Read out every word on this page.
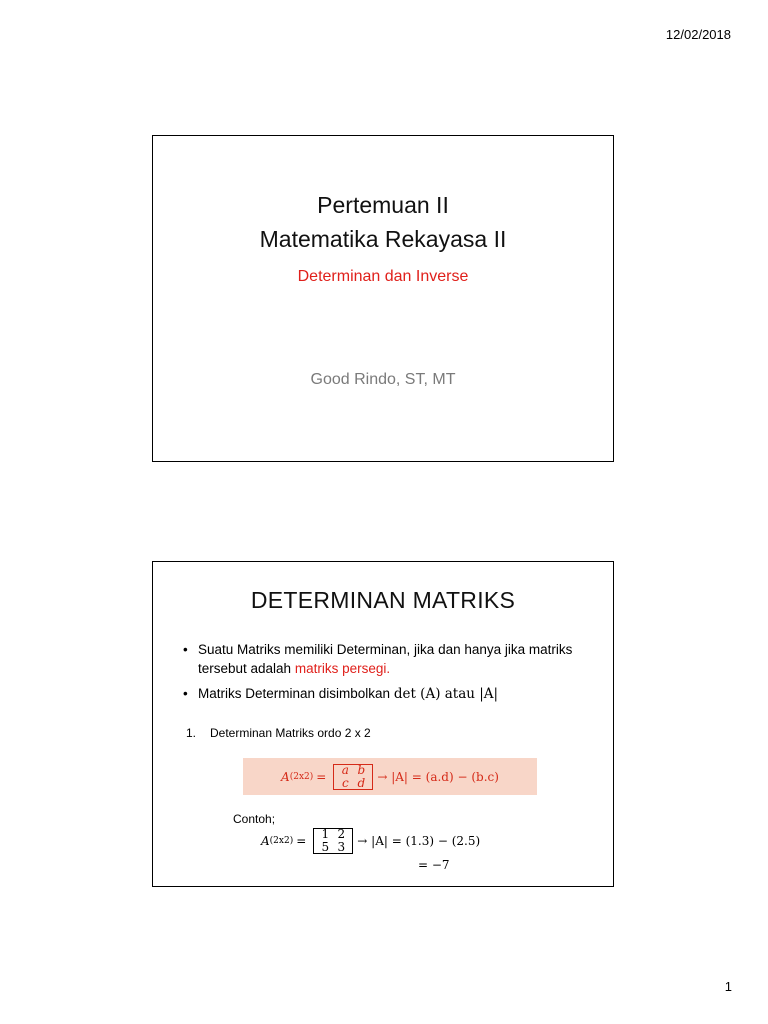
12/02/2018
Pertemuan II
Matematika Rekayasa II
Determinan dan Inverse
Good Rindo, ST, MT
DETERMINAN MATRIKS
• Suatu Matriks memiliki Determinan, jika dan hanya jika matriks tersebut adalah matriks persegi.
• Matriks Determinan disimbolkan det (A) atau |A|
1. Determinan Matriks ordo 2 x 2
A (2x2) =	a b
c d	→ |A| = (a.d) − (b.c)
Contoh;
A (2x2) =	1 2
5 3	→ |A| = (1.3) − (2.5)
= −7
1
